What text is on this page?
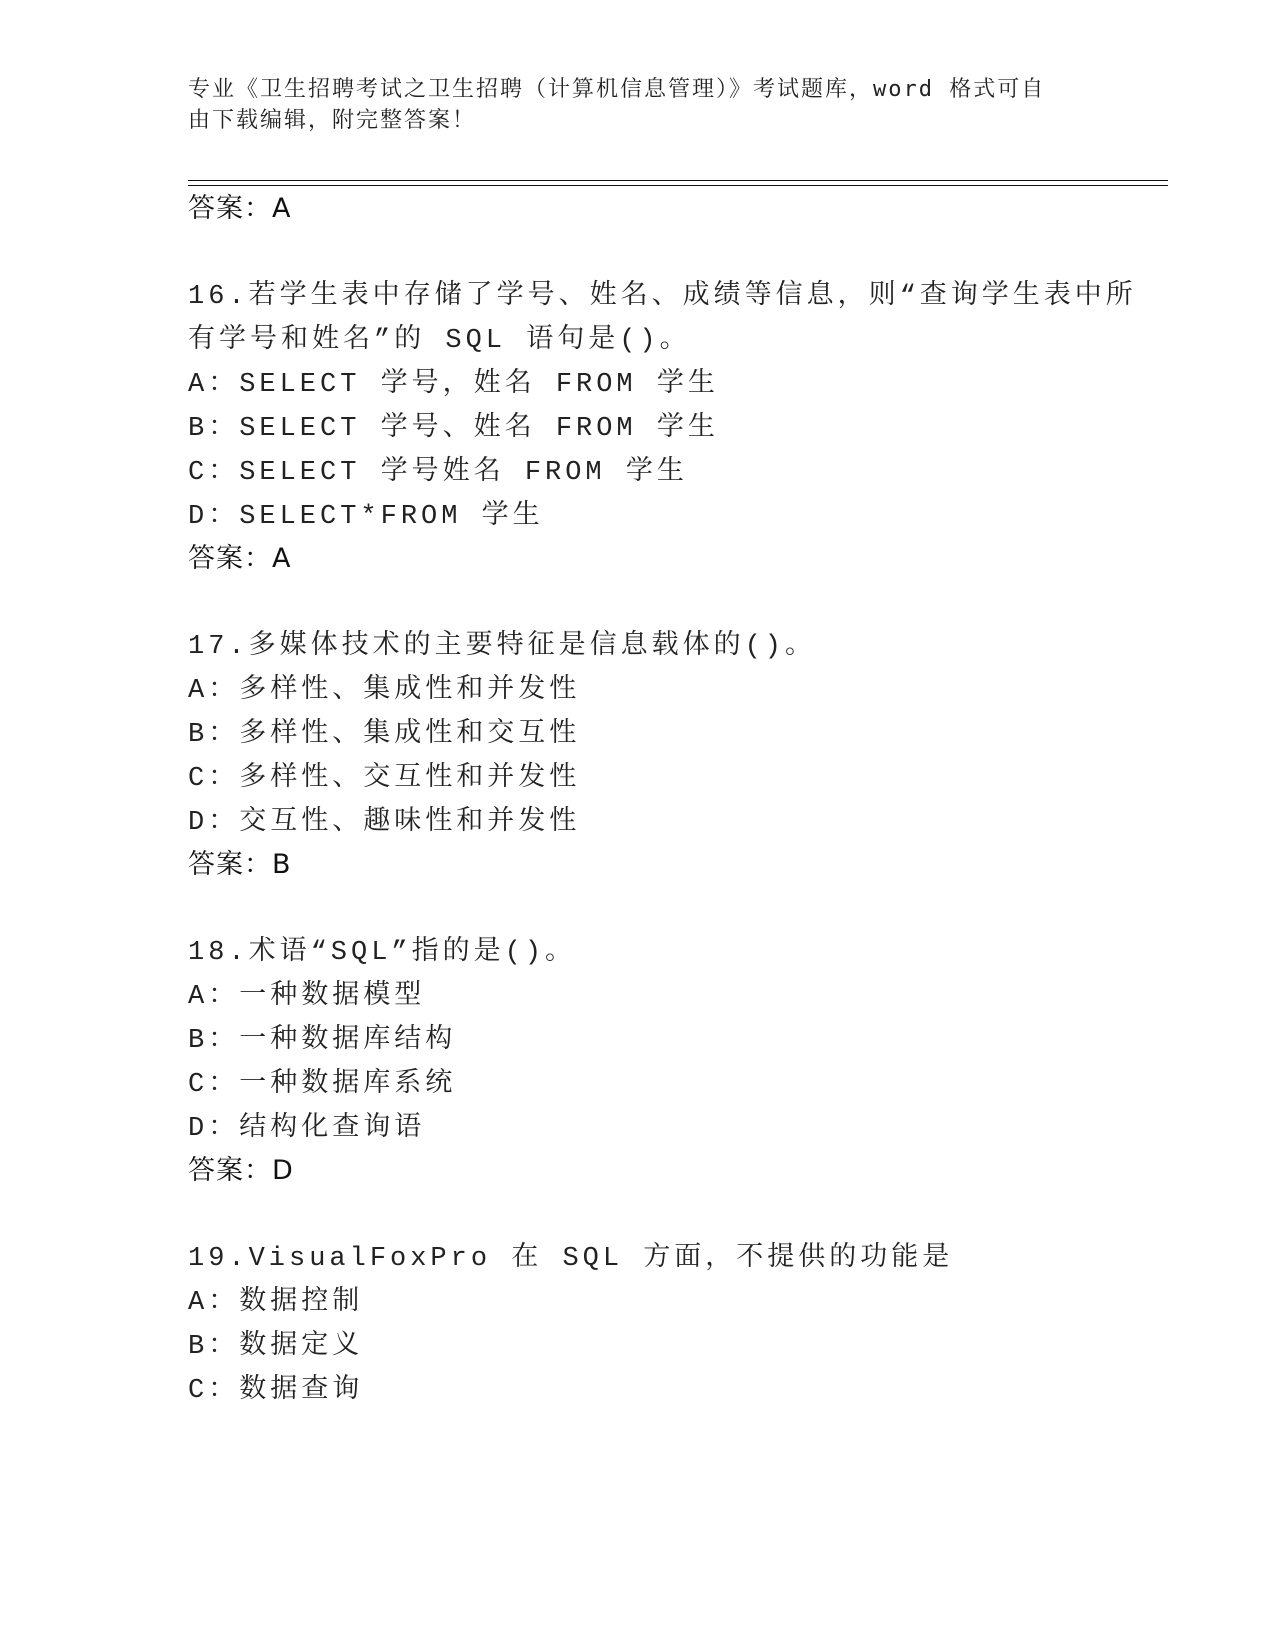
专业《卫生招聘考试之卫生招聘（计算机信息管理）》考试题库，word 格式可自
由下载编辑，附完整答案！
答案：A
16.若学生表中存储了学号、姓名、成绩等信息，则“查询学生表中所
有学号和姓名”的 SQL 语句是()。
A：SELECT 学号，姓名 FROM 学生
B：SELECT 学号、姓名 FROM 学生
C：SELECT 学号姓名 FROM 学生
D：SELECT*FROM 学生
答案：A
17.多媒体技术的主要特征是信息载体的()。
A：多样性、集成性和并发性
B：多样性、集成性和交互性
C：多样性、交互性和并发性
D：交互性、趣味性和并发性
答案：B
18.术语“SQL”指的是()。
A：一种数据模型
B：一种数据库结构
C：一种数据库系统
D：结构化查询语
答案：D
19.VisualFoxPro 在 SQL 方面，不提供的功能是
A：数据控制
B：数据定义
C：数据查询
